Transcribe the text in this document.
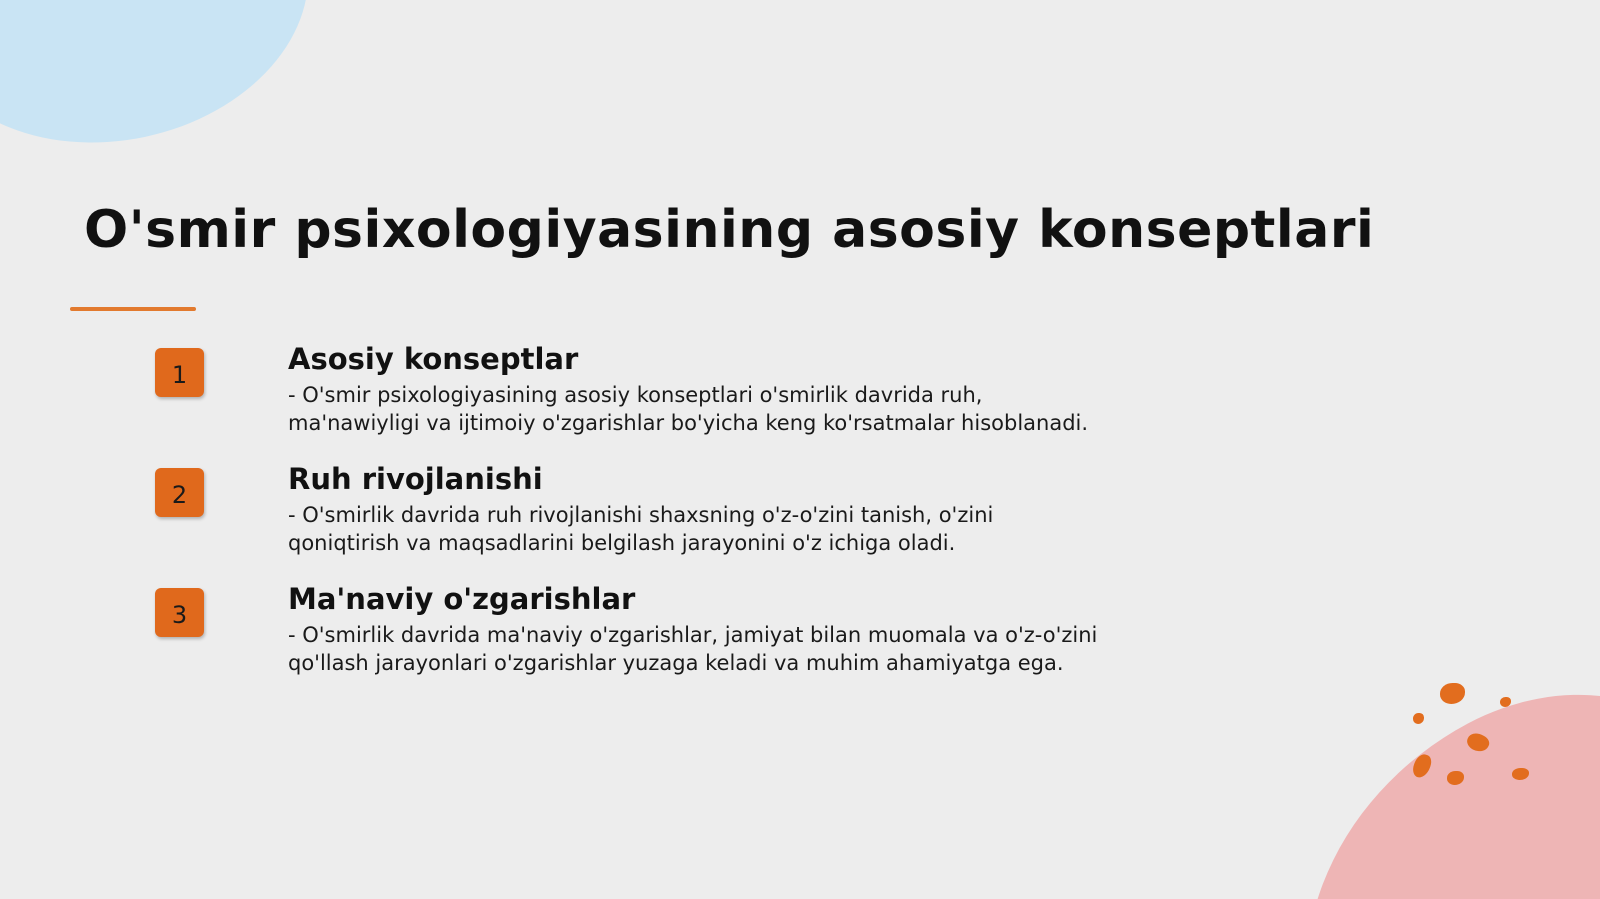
O'smir psixologiyasining asosiy konseptlari
1	Asosiy konseptlar

- O'smir psixologiyasining asosiy konseptlari o'smirlik davrida ruh, ma'nawiyligi va ijtimoiy o'zgarishlar bo'yicha keng ko'rsatmalar hisoblanadi.

2	Ruh rivojlanishi

- O'smirlik davrida ruh rivojlanishi shaxsning o'z-o'zini tanish, o'zini qoniqtirish va maqsadlarini belgilash jarayonini o'z ichiga oladi.

3	Ma'naviy o'zgarishlar

- O'smirlik davrida ma'naviy o'zgarishlar, jamiyat bilan muomala va o'z-o'zini qo'llash jarayonlari o'zgarishlar yuzaga keladi va muhim ahamiyatga ega.
